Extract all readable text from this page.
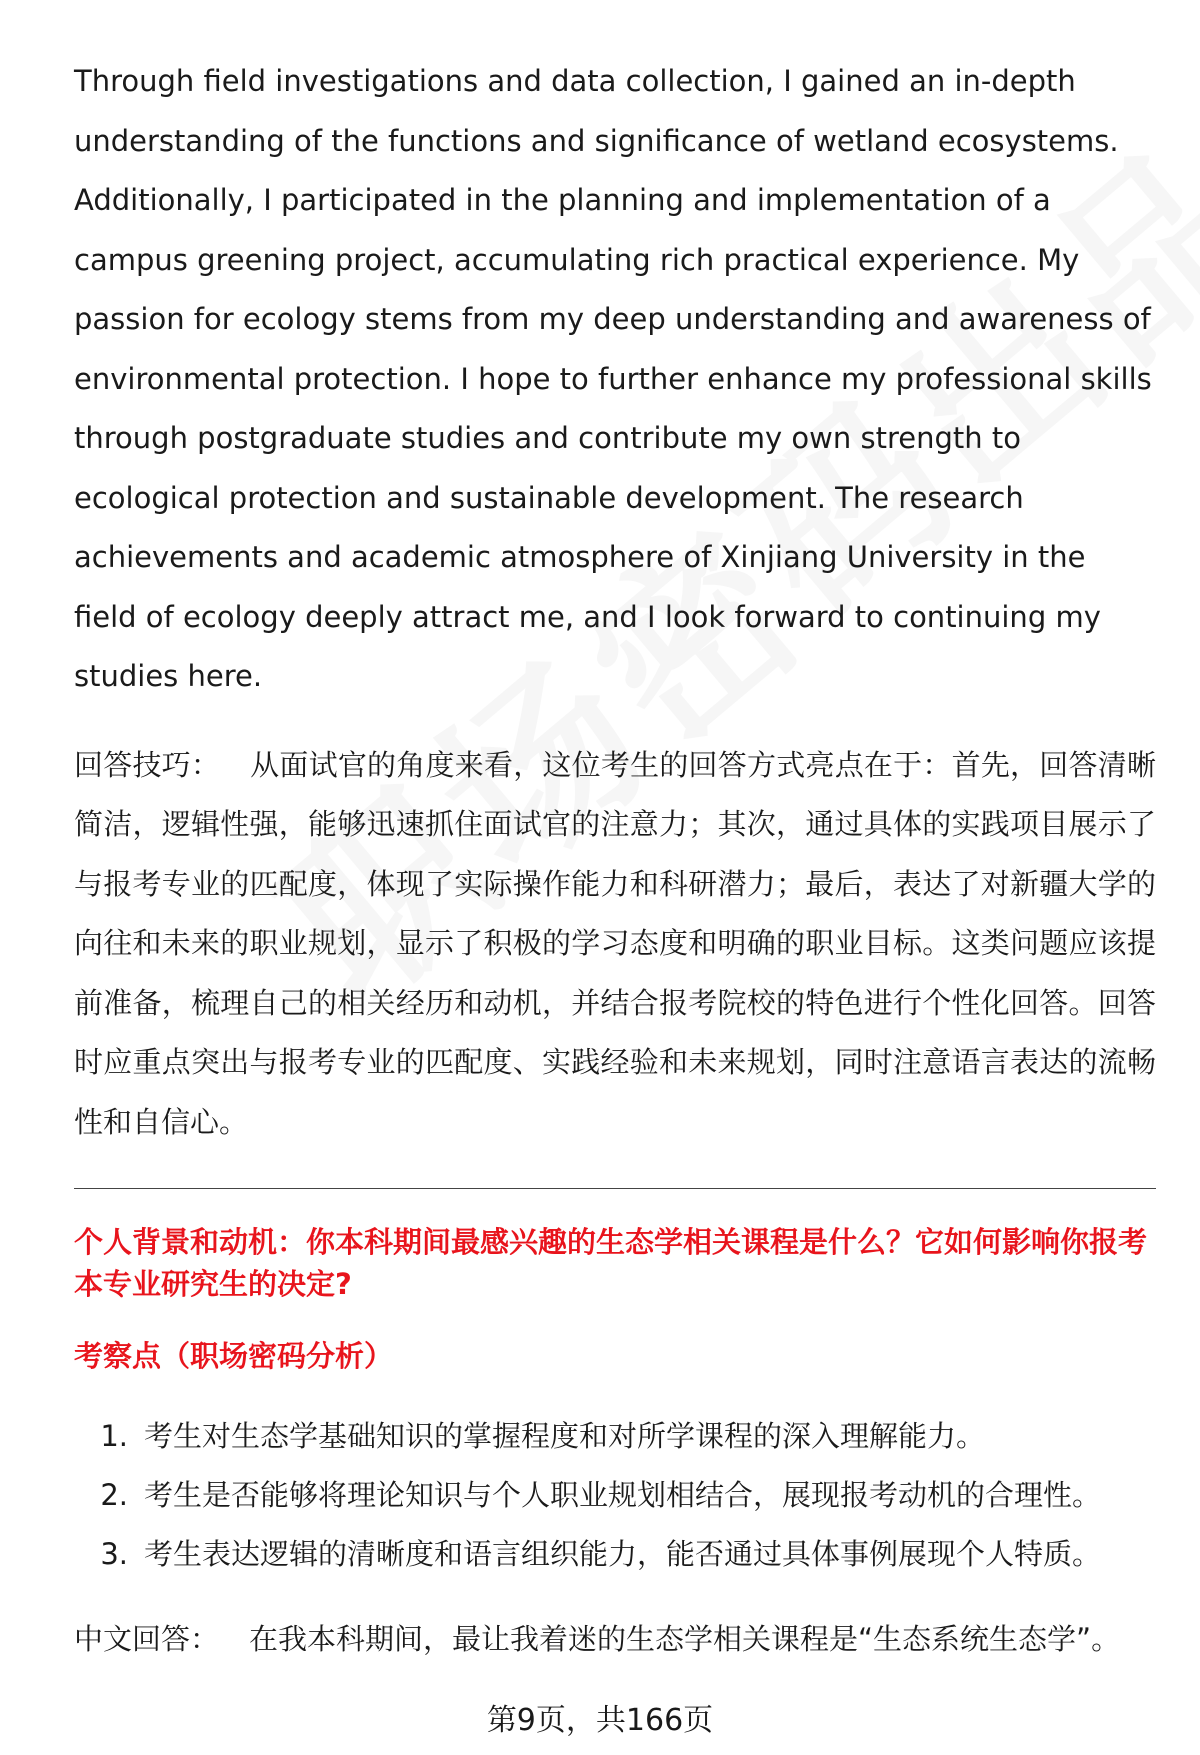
Through field investigations and data collection, I gained an in-depth understanding of the functions and significance of wetland ecosystems. Additionally, I participated in the planning and implementation of a campus greening project, accumulating rich practical experience. My passion for ecology stems from my deep understanding and awareness of environmental protection. I hope to further enhance my professional skills through postgraduate studies and contribute my own strength to ecological protection and sustainable development. The research achievements and academic atmosphere of Xinjiang University in the field of ecology deeply attract me, and I look forward to continuing my studies here.

回答技巧： 从面试官的角度来看，这位考生的回答方式亮点在于：首先，回答清晰简洁，逻辑性强，能够迅速抓住面试官的注意力；其次，通过具体的实践项目展示了与报考专业的匹配度，体现了实际操作能力和科研潜力；最后，表达了对新疆大学的向往和未来的职业规划，显示了积极的学习态度和明确的职业目标。这类问题应该提前准备，梳理自己的相关经历和动机，并结合报考院校的特色进行个性化回答。回答时应重点突出与报考专业的匹配度、实践经验和未来规划，同时注意语言表达的流畅性和自信心。

个人背景和动机：你本科期间最感兴趣的生态学相关课程是什么？它如何影响你报考本专业研究生的决定?

考察点（职场密码分析）

1. 考生对生态学基础知识的掌握程度和对所学课程的深入理解能力。
2. 考生是否能够将理论知识与个人职业规划相结合，展现报考动机的合理性。
3. 考生表达逻辑的清晰度和语言组织能力，能否通过具体事例展现个人特质。

中文回答： 在我本科期间，最让我着迷的生态学相关课程是“生态系统生态学”。

第9页，共166页
